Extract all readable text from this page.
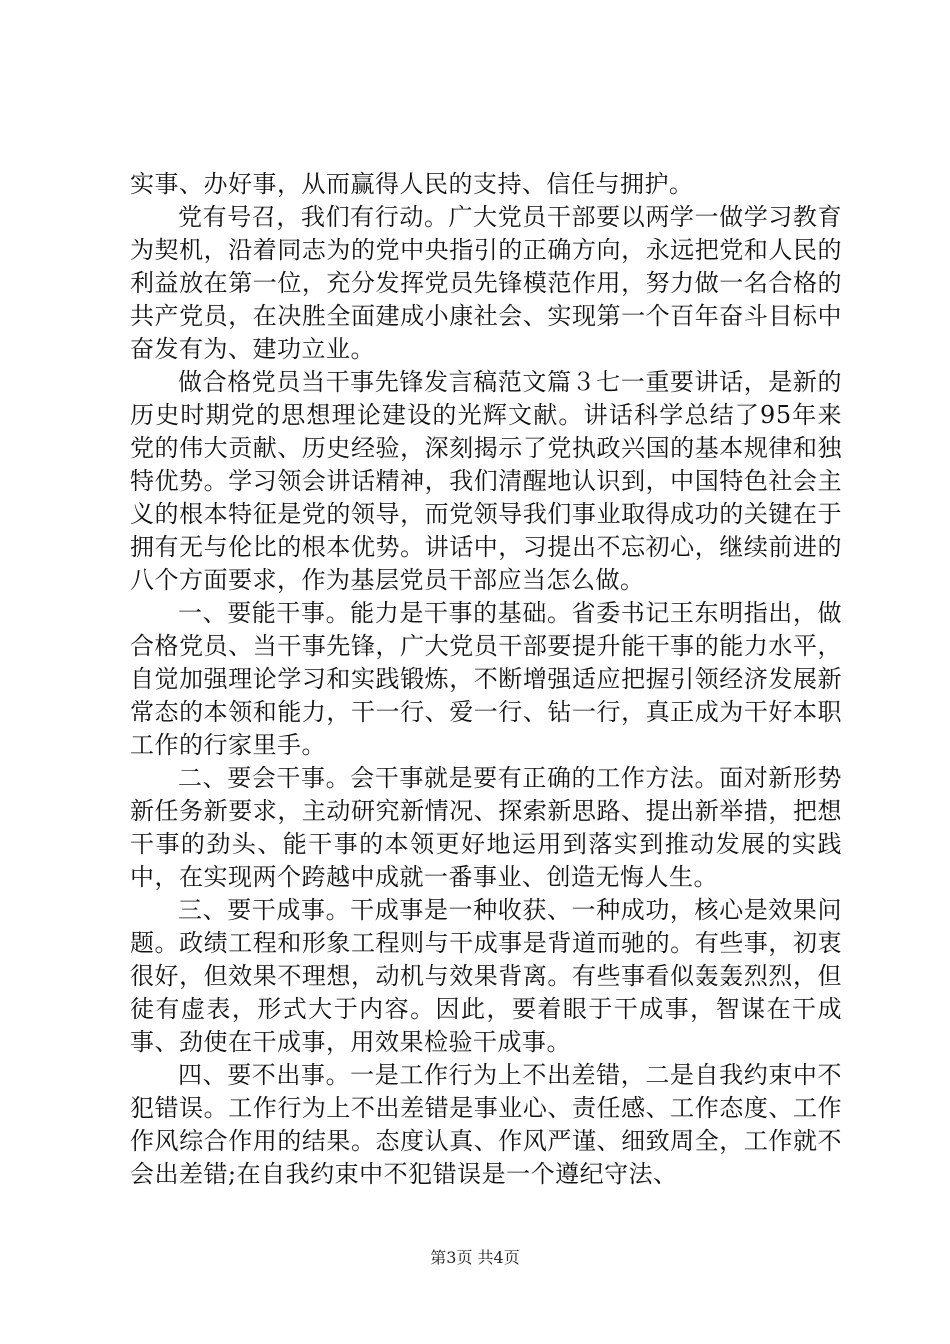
实事、办好事，从而赢得人民的支持、信任与拥护。

党有号召，我们有行动。广大党员干部要以两学一做学习教育为契机，沿着同志为的党中央指引的正确方向，永远把党和人民的利益放在第一位，充分发挥党员先锋模范作用，努力做一名合格的共产党员，在决胜全面建成小康社会、实现第一个百年奋斗目标中奋发有为、建功立业。

做合格党员当干事先锋发言稿范文篇３七一重要讲话，是新的历史时期党的思想理论建设的光辉文献。讲话科学总结了95年来党的伟大贡献、历史经验，深刻揭示了党执政兴国的基本规律和独特优势。学习领会讲话精神，我们清醒地认识到，中国特色社会主义的根本特征是党的领导，而党领导我们事业取得成功的关键在于拥有无与伦比的根本优势。讲话中，习提出不忘初心，继续前进的八个方面要求，作为基层党员干部应当怎么做。

一、要能干事。能力是干事的基础。省委书记王东明指出，做合格党员、当干事先锋，广大党员干部要提升能干事的能力水平，自觉加强理论学习和实践锻炼，不断增强适应把握引领经济发展新常态的本领和能力，干一行、爱一行、钻一行，真正成为干好本职工作的行家里手。

二、要会干事。会干事就是要有正确的工作方法。面对新形势新任务新要求，主动研究新情况、探索新思路、提出新举措，把想干事的劲头、能干事的本领更好地运用到落实到推动发展的实践中，在实现两个跨越中成就一番事业、创造无悔人生。

三、要干成事。干成事是一种收获、一种成功，核心是效果问题。政绩工程和形象工程则与干成事是背道而驰的。有些事，初衷很好，但效果不理想，动机与效果背离。有些事看似轰轰烈烈，但徒有虚表，形式大于内容。因此，要着眼于干成事，智谋在干成事、劲使在干成事，用效果检验干成事。

四、要不出事。一是工作行为上不出差错，二是自我约束中不犯错误。工作行为上不出差错是事业心、责任感、工作态度、工作作风综合作用的结果。态度认真、作风严谨、细致周全，工作就不会出差错;在自我约束中不犯错误是一个遵纪守法、

第3页 共4页
